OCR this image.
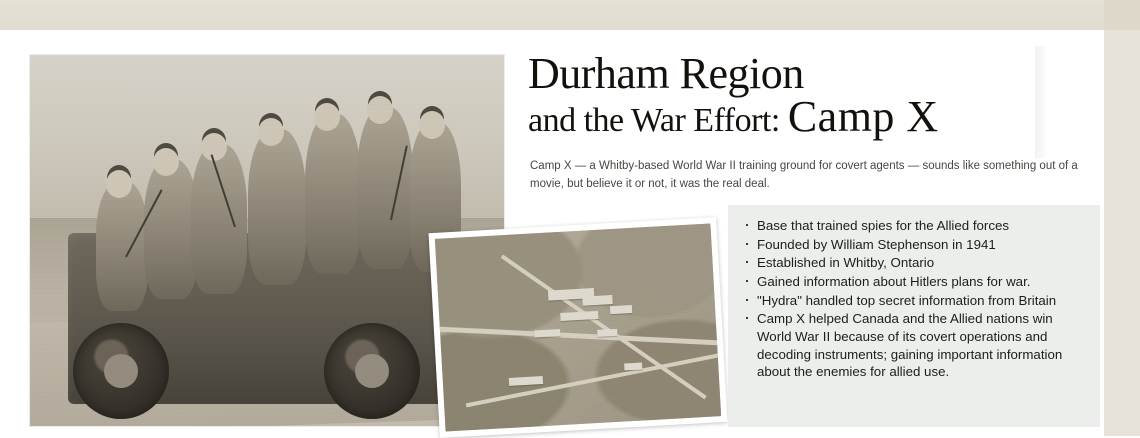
Durham Region
and the War Effort: Camp X
Camp X — a Whitby-based World War II training ground for covert agents — sounds like something out of a movie, but believe it or not, it was the real deal.
· Base that trained spies for the Allied forces
· Founded by William Stephenson in 1941
· Established in Whitby, Ontario
· Gained information about Hitlers plans for war.
· "Hydra" handled top secret information from Britain
· Camp X helped Canada and the Allied nations win World War II because of its covert operations and decoding instruments; gaining important information about the enemies for allied use.
